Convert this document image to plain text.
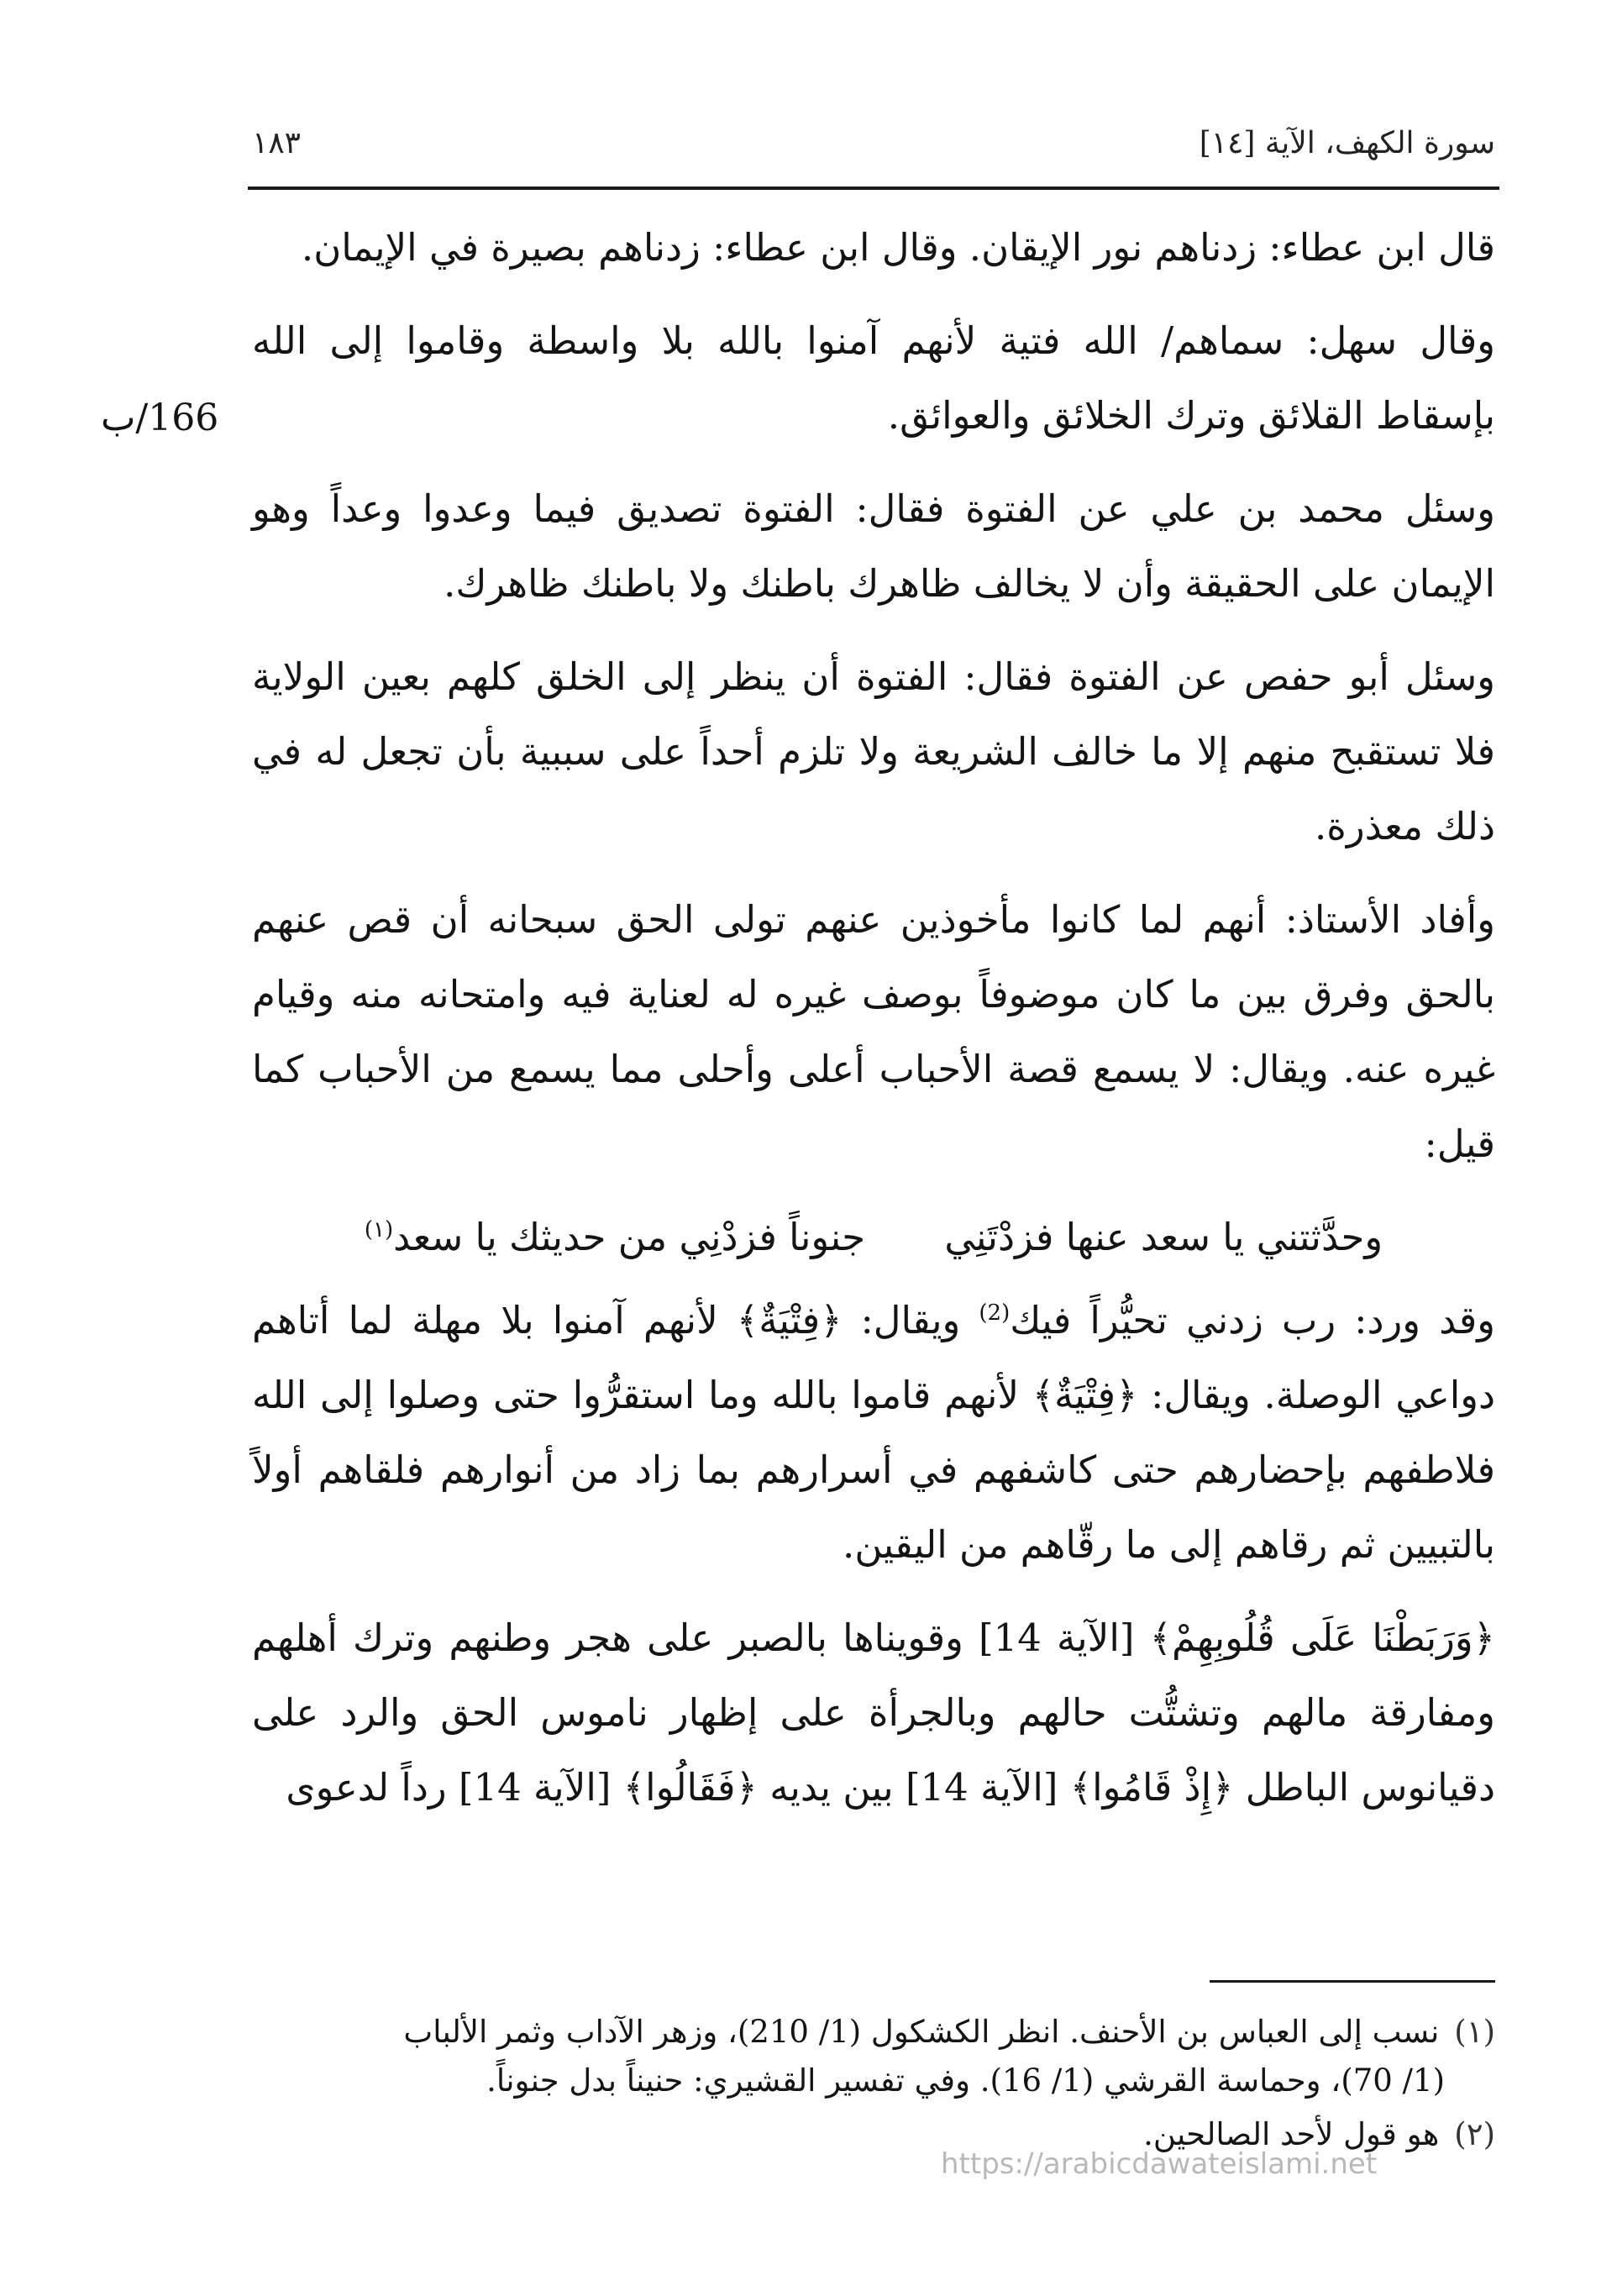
سورة الكهف، الآية [١٤]
١٨٣
166/ب
قال ابن عطاء: زدناهم نور الإيقان. وقال ابن عطاء: زدناهم بصيرة في الإيمان.
وقال سهل: سماهم/ الله فتية لأنهم آمنوا بالله بلا واسطة وقاموا إلى الله بإسقاط القلائق وترك الخلائق والعوائق.
وسئل محمد بن علي عن الفتوة فقال: الفتوة تصديق فيما وعدوا وعداً وهو الإيمان على الحقيقة وأن لا يخالف ظاهرك باطنك ولا باطنك ظاهرك.
وسئل أبو حفص عن الفتوة فقال: الفتوة أن ينظر إلى الخلق كلهم بعين الولاية فلا تستقبح منهم إلا ما خالف الشريعة ولا تلزم أحداً على سببية بأن تجعل له في ذلك معذرة.
وأفاد الأستاذ: أنهم لما كانوا مأخوذين عنهم تولى الحق سبحانه أن قص عنهم بالحق وفرق بين ما كان موضوفاً بوصف غيره له لعناية فيه وامتحانه منه وقيام غيره عنه. ويقال: لا يسمع قصة الأحباب أعلى وأحلى مما يسمع من الأحباب كما قيل:
وحدَّثتني يا سعد عنها فزدْتَنِي جنوناً فزدْنِي من حديثك يا سعد(١)
وقد ورد: رب زدني تحيُّراً فيك$^{(2)}$ ويقال: ﴿فِتْيَةٌ﴾ لأنهم آمنوا بلا مهلة لما أتاهم دواعي الوصلة. ويقال: ﴿فِتْيَةٌ﴾ لأنهم قاموا بالله وما استقرُّوا حتى وصلوا إلى الله فلاطفهم بإحضارهم حتى كاشفهم في أسرارهم بما زاد من أنوارهم فلقاهم أولاً بالتبيين ثم رقاهم إلى ما رقّاهم من اليقين.
﴿وَرَبَطْنَا عَلَى قُلُوبِهِمْ﴾ [الآية 14] وقويناها بالصبر على هجر وطنهم وترك أهلهم ومفارقة مالهم وتشتُّت حالهم وبالجرأة على إظهار ناموس الحق والرد على دقيانوس الباطل ﴿إِذْ قَامُوا﴾ [الآية 14] بين يديه ﴿فَقَالُوا﴾ [الآية 14] رداً لدعوى
(١)نسب إلى العباس بن الأحنف. انظر الكشكول (1/ 210)، وزهر الآداب وثمر الألباب
(1/ 70)، وحماسة القرشي (1/ 16). وفي تفسير القشيري: حنيناً بدل جنوناً.
(٢)هو قول لأحد الصالحين.
https://arabicdawateislami.net
